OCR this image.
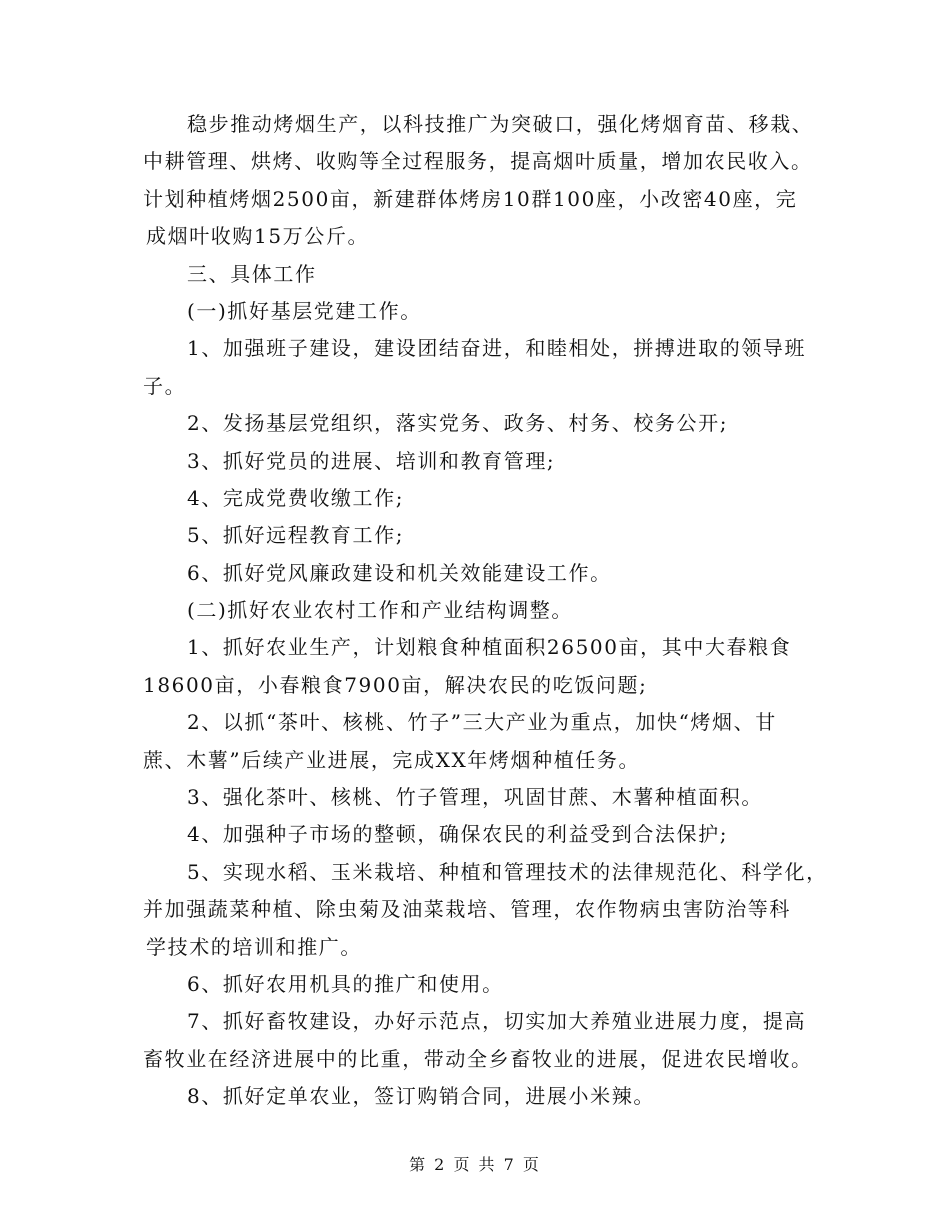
稳步推动烤烟生产，以科技推广为突破口，强化烤烟育苗、移栽、
中耕管理、烘烤、收购等全过程服务，提高烟叶质量，增加农民收入。
计划种植烤烟2500亩，新建群体烤房10群100座，小改密40座，完
成烟叶收购15万公斤。
三、具体工作
(一)抓好基层党建工作。
1、加强班子建设，建设团结奋进，和睦相处，拼搏进取的领导班
子。
2、发扬基层党组织，落实党务、政务、村务、校务公开;
3、抓好党员的进展、培训和教育管理;
4、完成党费收缴工作;
5、抓好远程教育工作;
6、抓好党风廉政建设和机关效能建设工作。
(二)抓好农业农村工作和产业结构调整。
1、抓好农业生产，计划粮食种植面积26500亩，其中大春粮食
18600亩，小春粮食7900亩，解决农民的吃饭问题;
2、以抓“茶叶、核桃、竹子”三大产业为重点，加快“烤烟、甘
蔗、木薯”后续产业进展，完成XX年烤烟种植任务。
3、强化茶叶、核桃、竹子管理，巩固甘蔗、木薯种植面积。
4、加强种子市场的整顿，确保农民的利益受到合法保护;
5、实现水稻、玉米栽培、种植和管理技术的法律规范化、科学化，
并加强蔬菜种植、除虫菊及油菜栽培、管理，农作物病虫害防治等科
学技术的培训和推广。
6、抓好农用机具的推广和使用。
7、抓好畜牧建设，办好示范点，切实加大养殖业进展力度，提高
畜牧业在经济进展中的比重，带动全乡畜牧业的进展，促进农民增收。
8、抓好定单农业，签订购销合同，进展小米辣。
第 2 页 共 7 页
